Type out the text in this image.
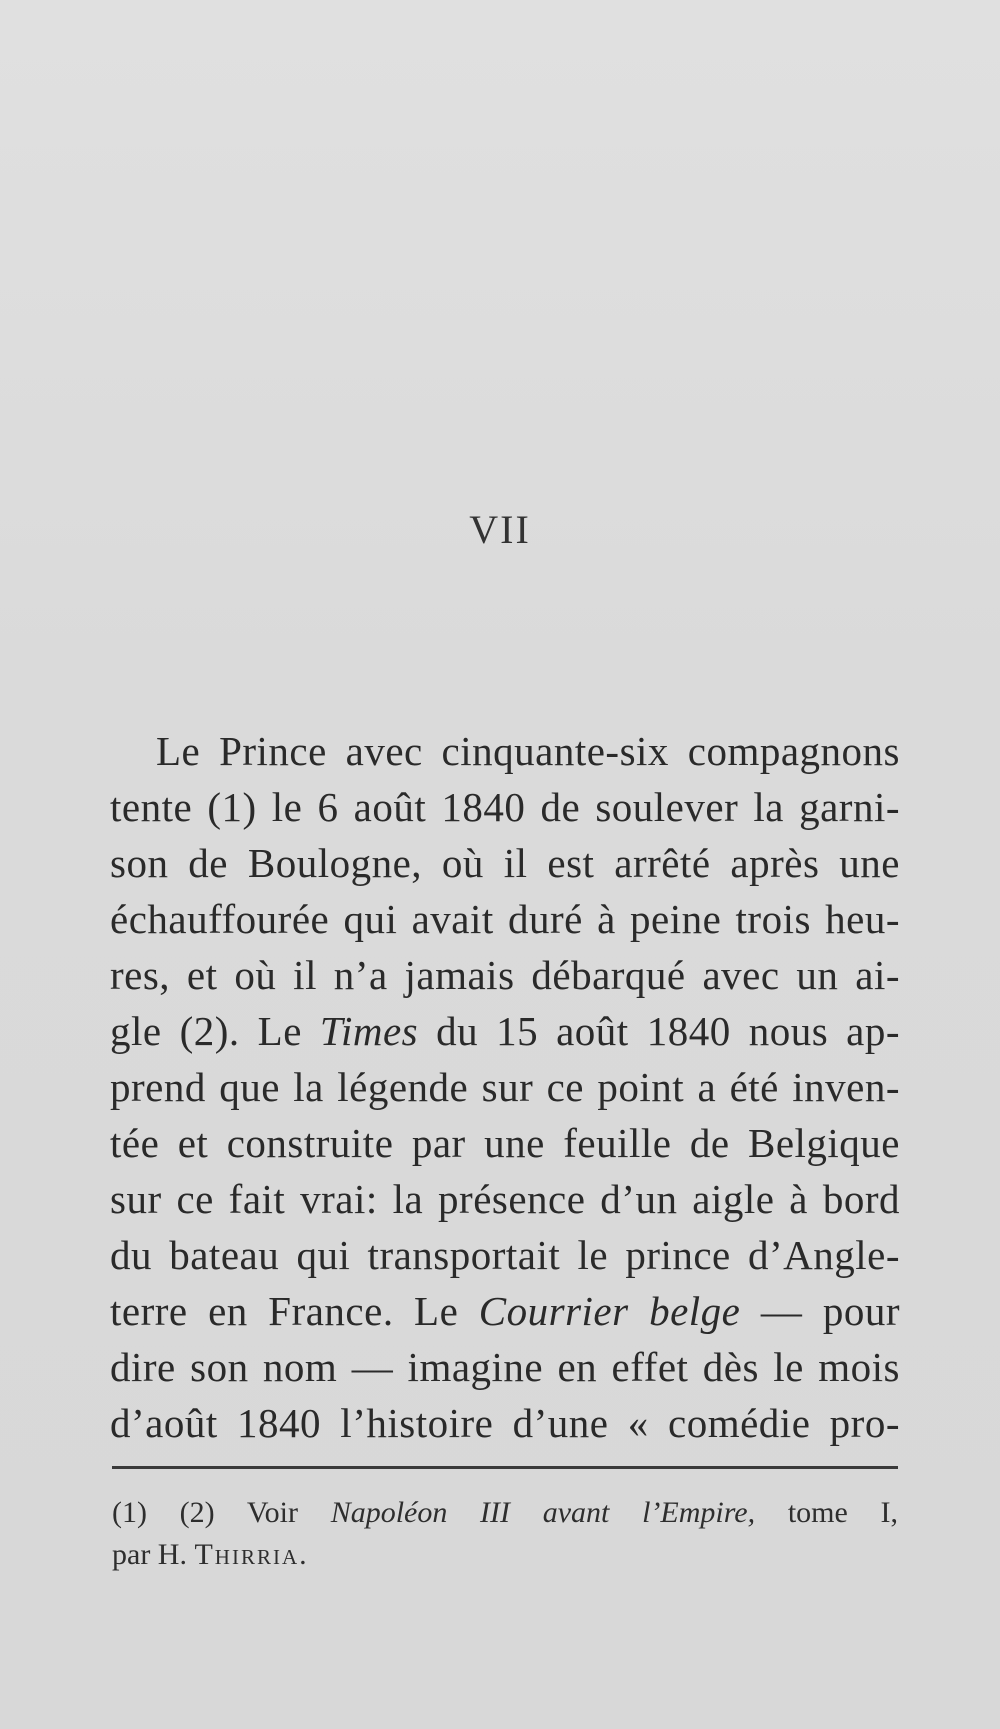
VII
Le Prince avec cinquante-six compagnons
tente (1) le 6 août 1840 de soulever la garni-
son de Boulogne, où il est arrêté après une
échauffourée qui avait duré à peine trois heu-
res, et où il n’a jamais débarqué avec un ai-
gle (2). Le Times du 15 août 1840 nous ap-
prend que la légende sur ce point a été inven-
tée et construite par une feuille de Belgique
sur ce fait vrai: la présence d’un aigle à bord
du bateau qui transportait le prince d’Angle-
terre en France. Le Courrier belge — pour
dire son nom — imagine en effet dès le mois
d’août 1840 l’histoire d’une « comédie pro-
(1) (2) Voir Napoléon III avant l’Empire, tome I,
par H. Thirria.
